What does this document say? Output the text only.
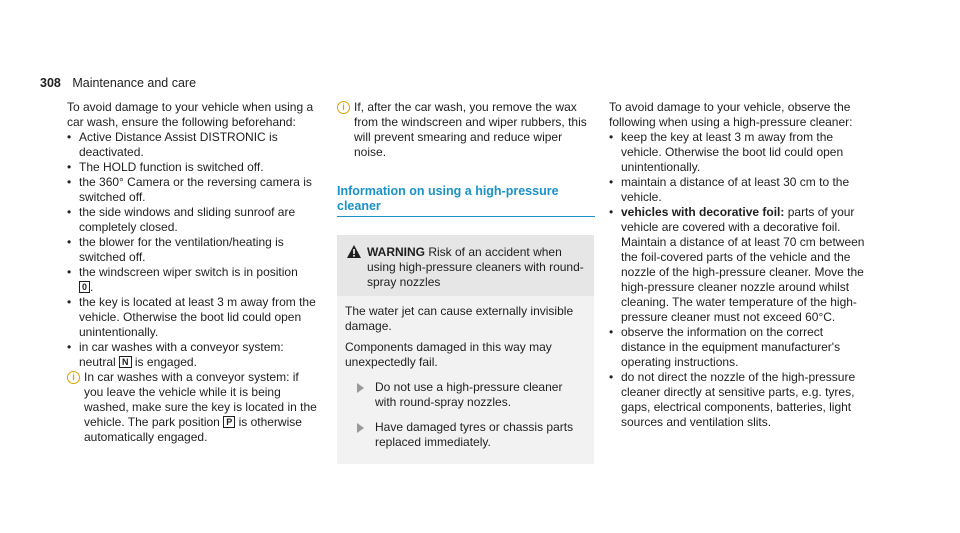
308 Maintenance and care

To avoid damage to your vehicle when using a car wash, ensure the following beforehand:

• Active Distance Assist DISTRONIC is deactivated.
• The HOLD function is switched off.
• the 360° Camera or the reversing camera is switched off.
• the side windows and sliding sunroof are completely closed.
• the blower for the ventilation/heating is switched off.
• the windscreen wiper switch is in position
0 .
• the key is located at least 3 m away from the vehicle. Otherwise the boot lid could open unintentionally.
• in car washes with a conveyor system: neutral N is engaged.
i In car washes with a conveyor system: if you leave the vehicle while it is being washed, make sure the key is located in the vehicle. The park position P is otherwise automatically engaged.
i If, after the car wash, you remove the wax from the windscreen and wiper rubbers, this will prevent smearing and reduce wiper noise.
Information on using a high-pressure cleaner
WARNING Risk of an accident when using high-pressure cleaners with round-spray nozzles

The water jet can cause externally invisible damage.

Components damaged in this way may unexpectedly fail.

Do not use a high-pressure cleaner with round-spray nozzles.
Have damaged tyres or chassis parts replaced immediately.

To avoid damage to your vehicle, observe the following when using a high-pressure cleaner:

• keep the key at least 3 m away from the vehicle. Otherwise the boot lid could open unintentionally.
• maintain a distance of at least 30 cm to the vehicle.
• vehicles with decorative foil: parts of your vehicle are covered with a decorative foil. Maintain a distance of at least 70 cm between the foil-covered parts of the vehicle and the nozzle of the high-pressure cleaner. Move the high-pressure cleaner nozzle around whilst cleaning. The water temperature of the high-pressure cleaner must not exceed 60°C.
• observe the information on the correct distance in the equipment manufacturer's operating instructions.
• do not direct the nozzle of the high-pressure cleaner directly at sensitive parts, e.g. tyres, gaps, electrical components, batteries, light sources and ventilation slits.
